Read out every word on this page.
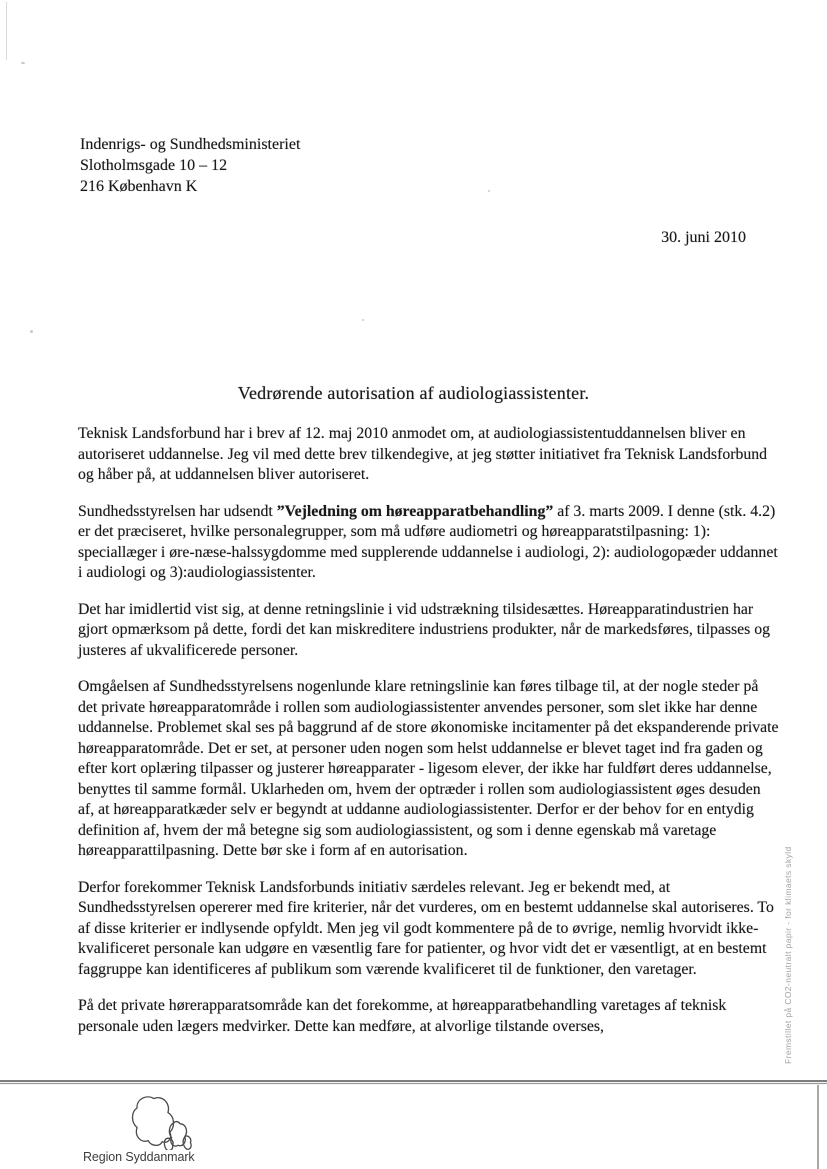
Indenrigs- og Sundhedsministeriet
Slotholmsgade 10 – 12
216 København K
30. juni 2010
Vedrørende autorisation af audiologiassistenter.

Teknisk Landsforbund har i brev af 12. maj 2010 anmodet om, at audiologiassistentuddannelsen bliver en autoriseret uddannelse. Jeg vil med dette brev tilkendegive, at jeg støtter initiativet fra Teknisk Landsforbund og håber på, at uddannelsen bliver autoriseret.

Sundhedsstyrelsen har udsendt ”Vejledning om høreapparatbehandling” af 3. marts 2009. I denne (stk. 4.2) er det præciseret, hvilke personalegrupper, som må udføre audiometri og høreapparatstilpasning: 1): speciallæger i øre-næse-halssygdomme med supplerende uddannelse i audiologi, 2): audiologopæder uddannet i audiologi og 3):audiologiassistenter.

Det har imidlertid vist sig, at denne retningslinie i vid udstrækning tilsidesættes. Høreapparatindustrien har gjort opmærksom på dette, fordi det kan miskreditere industriens produkter, når de markedsføres, tilpasses og justeres af ukvalificerede personer.

Omgåelsen af Sundhedsstyrelsens nogenlunde klare retningslinie kan føres tilbage til, at der nogle steder på det private høreapparatområde i rollen som audiologiassistenter anvendes personer, som slet ikke har denne uddannelse. Problemet skal ses på baggrund af de store økonomiske incitamenter på det ekspanderende private høreapparatområde. Det er set, at personer uden nogen som helst uddannelse er blevet taget ind fra gaden og efter kort oplæring tilpasser og justerer høreapparater - ligesom elever, der ikke har fuldført deres uddannelse, benyttes til samme formål. Uklarheden om, hvem der optræder i rollen som audiologiassistent øges desuden af, at høreapparatkæder selv er begyndt at uddanne audiologiassistenter. Derfor er der behov for en entydig definition af, hvem der må betegne sig som audiologiassistent, og som i denne egenskab må varetage høreapparattilpasning. Dette bør ske i form af en autorisation.

Derfor forekommer Teknisk Landsforbunds initiativ særdeles relevant. Jeg er bekendt med, at Sundhedsstyrelsen opererer med fire kriterier, når det vurderes, om en bestemt uddannelse skal autoriseres. To af disse kriterier er indlysende opfyldt. Men jeg vil godt kommentere på de to øvrige, nemlig hvorvidt ikke-kvalificeret personale kan udgøre en væsentlig fare for patienter, og hvor vidt det er væsentligt, at en bestemt faggruppe kan identificeres af publikum som værende kvalificeret til de funktioner, den varetager.

På det private hørerapparatsområde kan det forekomme, at høreapparatbehandling varetages af teknisk personale uden lægers medvirker. Dette kan medføre, at alvorlige tilstande overses,

Region Syddanmark
Fremstillet på CO2-neutralt papir - for klimaets skyld
